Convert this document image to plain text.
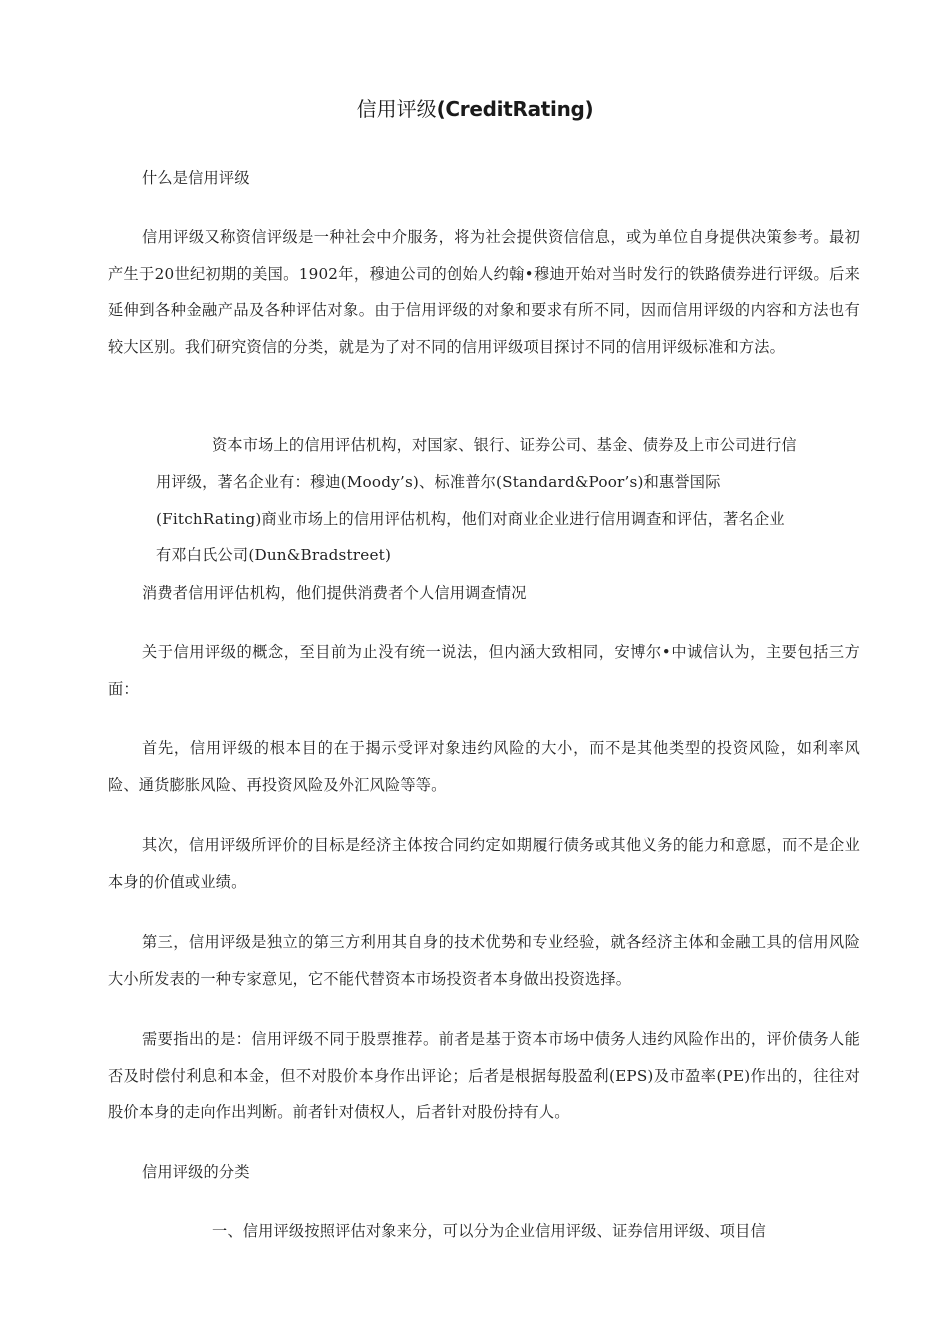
信用评级(CreditRating)
什么是信用评级
信用评级又称资信评级是一种社会中介服务，将为社会提供资信信息，或为单位自身提供决策参考。最初产生于20世纪初期的美国。1902年，穆迪公司的创始人约翰•穆迪开始对当时发行的铁路债券进行评级。后来延伸到各种金融产品及各种评估对象。由于信用评级的对象和要求有所不同，因而信用评级的内容和方法也有较大区别。我们研究资信的分类，就是为了对不同的信用评级项目探讨不同的信用评级标准和方法。
资本市场上的信用评估机构，对国家、银行、证券公司、基金、债券及上市公司进行信
用评级，著名企业有：穆迪(Moody’s)、标准普尔(Standard&Poor’s)和惠誉国际
(FitchRating)商业市场上的信用评估机构，他们对商业企业进行信用调查和评估，著名企业
有邓白氏公司(Dun&Bradstreet)
消费者信用评估机构，他们提供消费者个人信用调查情况
关于信用评级的概念，至目前为止没有统一说法，但内涵大致相同，安博尔•中诚信认为，主要包括三方面：
首先，信用评级的根本目的在于揭示受评对象违约风险的大小，而不是其他类型的投资风险，如利率风险、通货膨胀风险、再投资风险及外汇风险等等。
其次，信用评级所评价的目标是经济主体按合同约定如期履行债务或其他义务的能力和意愿，而不是企业本身的价值或业绩。
第三，信用评级是独立的第三方利用其自身的技术优势和专业经验，就各经济主体和金融工具的信用风险大小所发表的一种专家意见，它不能代替资本市场投资者本身做出投资选择。
需要指出的是：信用评级不同于股票推荐。前者是基于资本市场中债务人违约风险作出的，评价债务人能否及时偿付利息和本金，但不对股价本身作出评论；后者是根据每股盈利(EPS)及市盈率(PE)作出的，往往对股价本身的走向作出判断。前者针对债权人，后者针对股份持有人。
信用评级的分类
一、信用评级按照评估对象来分，可以分为企业信用评级、证券信用评级、项目信
